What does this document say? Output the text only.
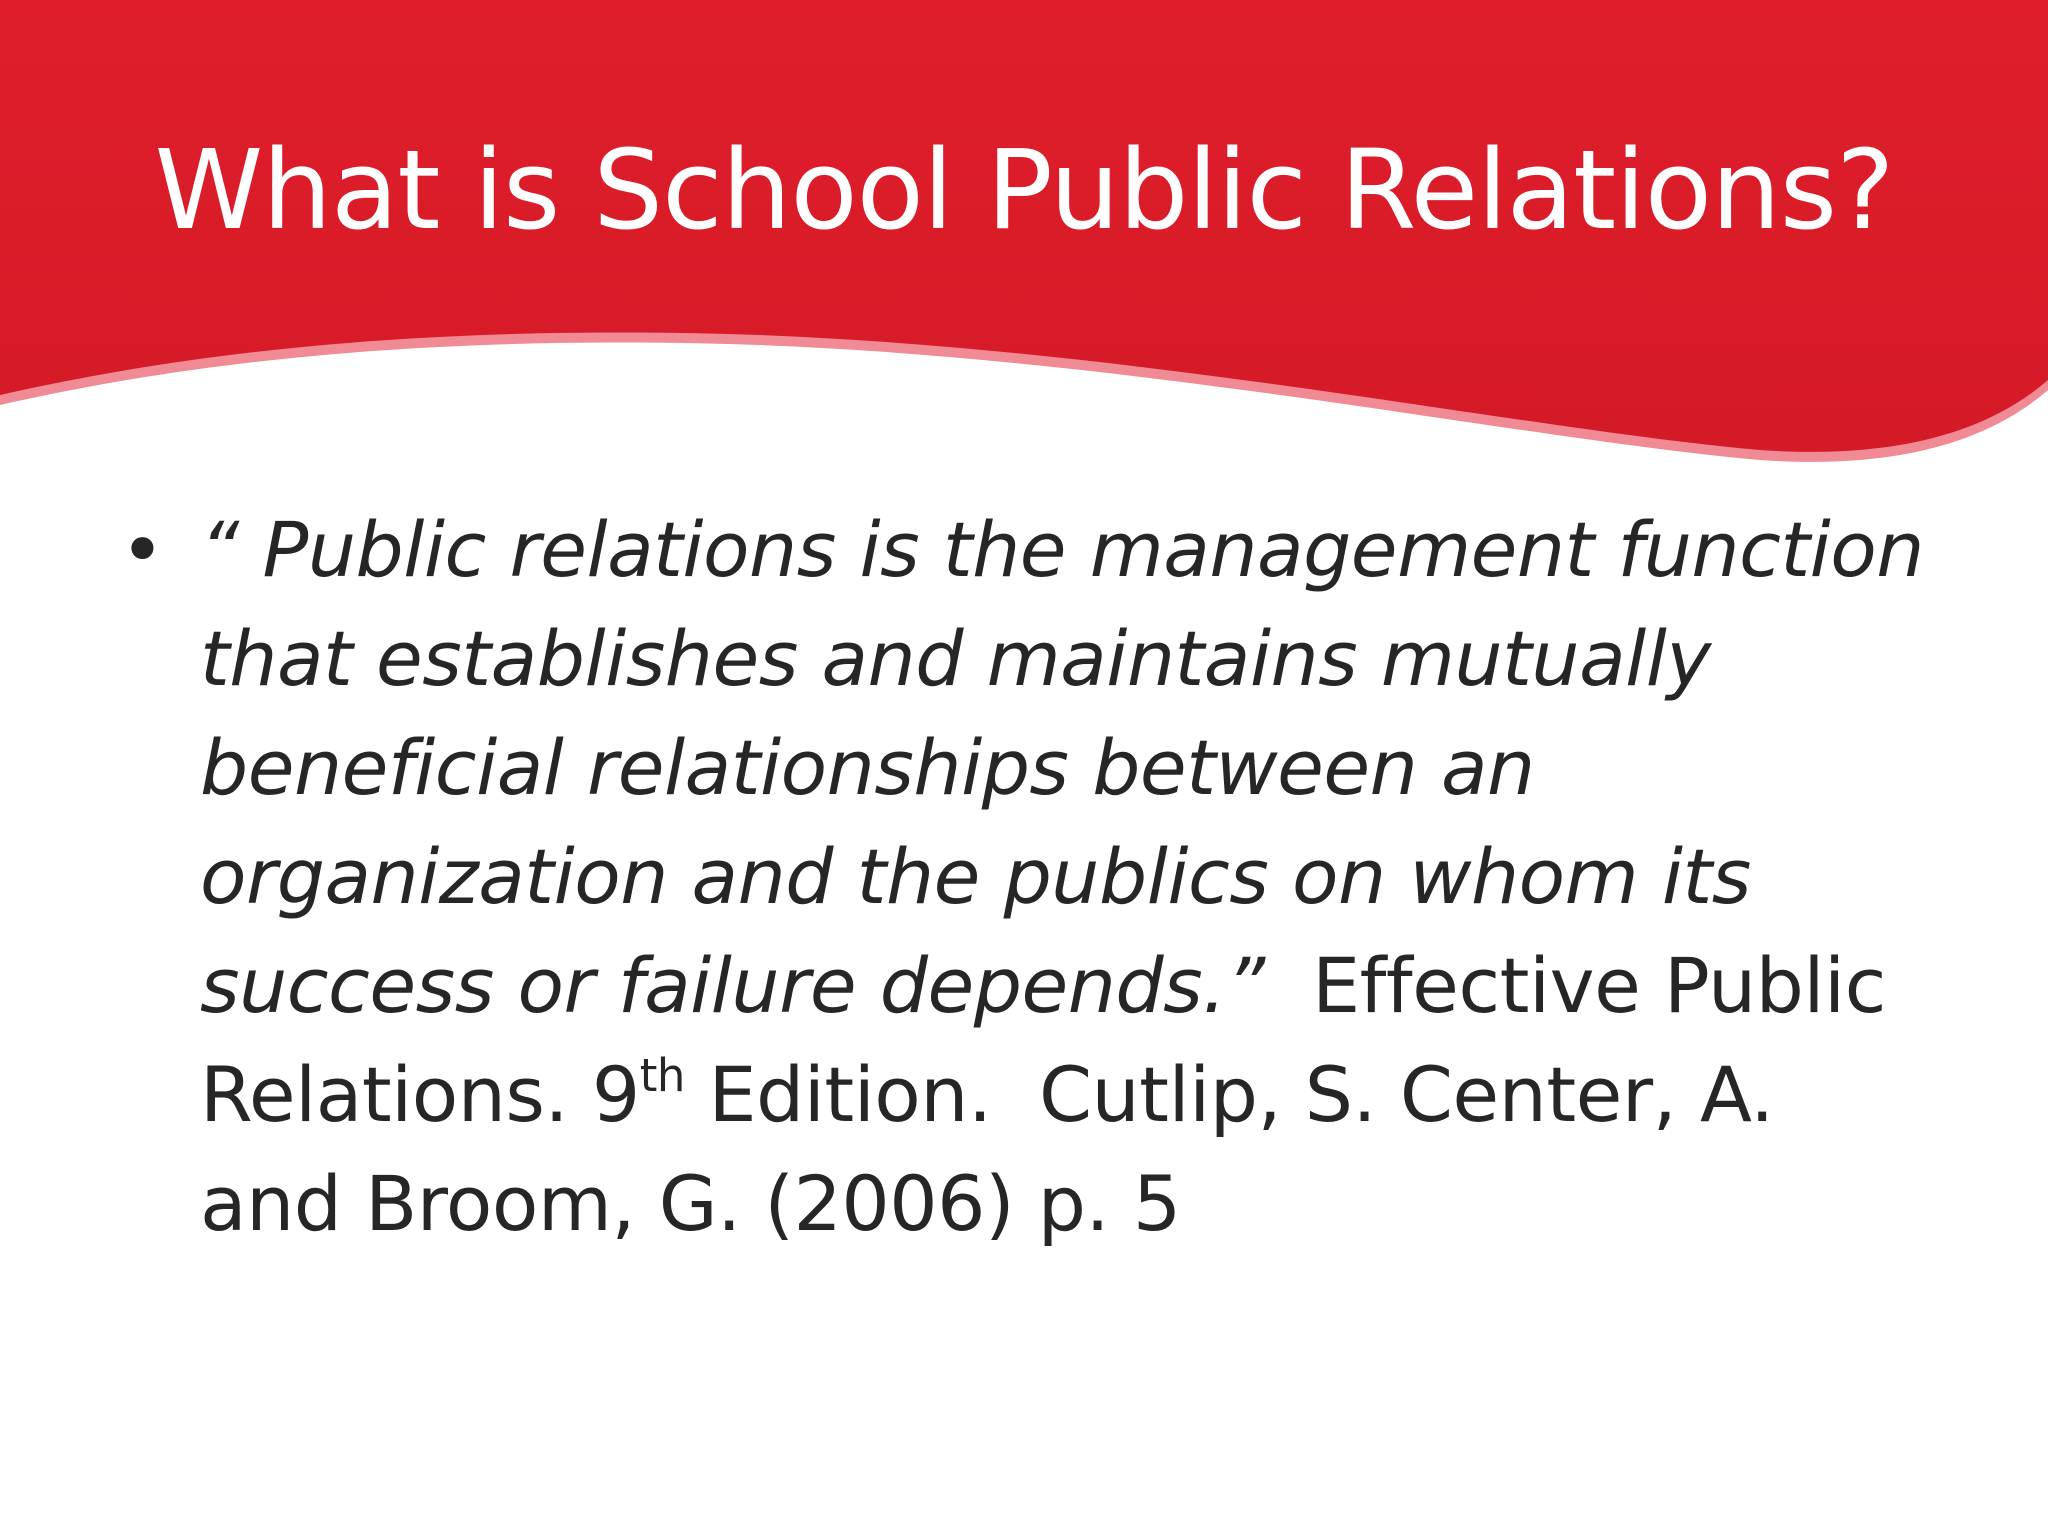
What is School Public Relations?
• “ Public relations is the management function that establishes and maintains mutually beneficial relationships between an organization and the publics on whom its success or failure depends.”  Effective Public Relations. 9th Edition.  Cutlip, S. Center, A. and Broom, G. (2006) p. 5
